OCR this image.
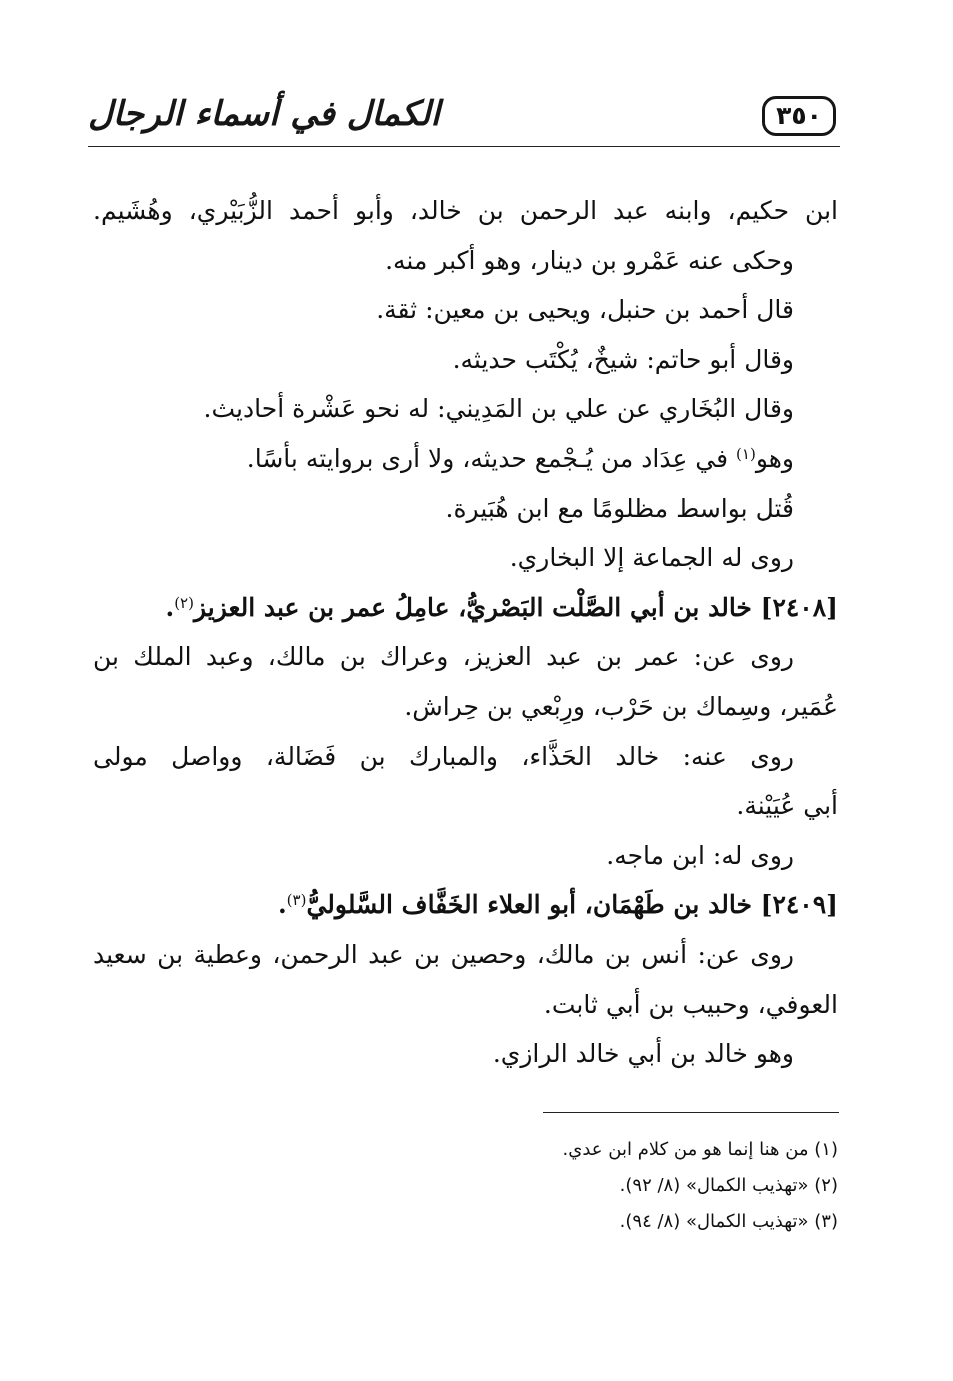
الكمال في أسماء الرجال	٣٥٠
ابن حكيم، وابنه عبد الرحمن بن خالد، وأبو أحمد الزُّبَيْري، وهُشَيم.
وحكى عنه عَمْرو بن دينار، وهو أكبر منه.
قال أحمد بن حنبل، ويحيى بن معين: ثقة.
وقال أبو حاتم: شيخٌ، يُكْتَب حديثه.
وقال البُخَاري عن علي بن المَدِيني: له نحو عَشْرة أحاديث.
وهو$^{(١)}$ في عِدَاد من يُـجْمع حديثه، ولا أرى بروايته بأسًا.
قُتل بواسط مظلومًا مع ابن هُبَيرة.
روى له الجماعة إلا البخاري.
[٢٤٠٨] خالد بن أبي الصَّلْت البَصْريُّ، عامِلُ عمر بن عبد العزيز$^{(٢)}$.
روى عن: عمر بن عبد العزيز، وعراك بن مالك، وعبد الملك بن
عُمَير، وسِماك بن حَرْب، ورِبْعي بن حِراش.
روى عنه: خالد الحَذَّاء، والمبارك بن فَضَالة، وواصل مولى
أبي عُيَيْنة.
روى له: ابن ماجه.
[٢٤٠٩] خالد بن طَهْمَان، أبو العلاء الخَفَّاف السَّلوليُّ$^{(٣)}$.
روى عن: أنس بن مالك، وحصين بن عبد الرحمن، وعطية بن سعيد
العوفي، وحبيب بن أبي ثابت.
وهو خالد بن أبي خالد الرازي.
(١) من هنا إنما هو من كلام ابن عدي.
(٢) «تهذيب الكمال» (٨/ ٩٢).
(٣) «تهذيب الكمال» (٨/ ٩٤).
